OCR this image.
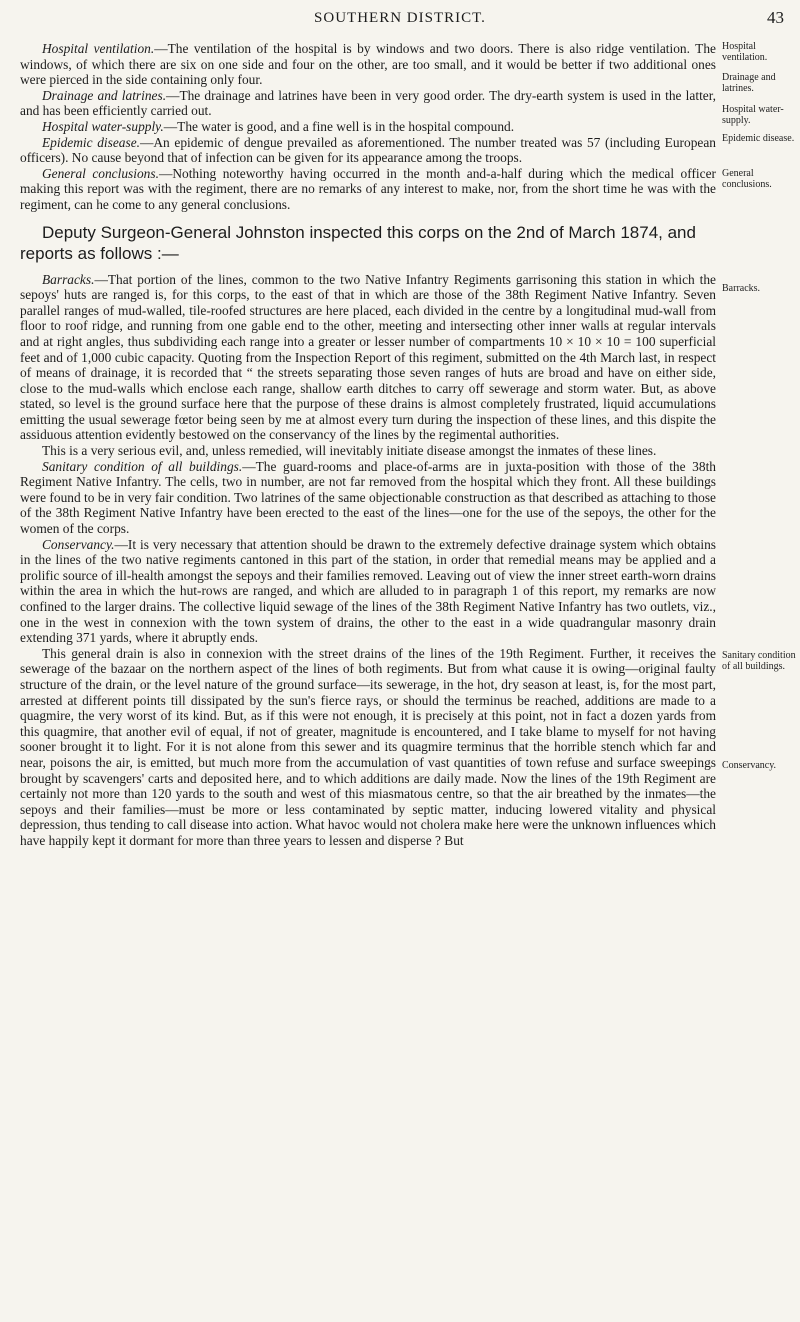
SOUTHERN DISTRICT.	43
Hospital ventilation.
Drainage and latrines.
Hospital water-supply.
Epidemic disease.
General conclusions.
Barracks.
Sanitary condition of all buildings.
Conservancy.

Hospital ventilation.—The ventilation of the hospital is by windows and two doors. There is also ridge ventilation. The windows, of which there are six on one side and four on the other, are too small, and it would be better if two additional ones were pierced in the side containing only four.

Drainage and latrines.—The drainage and latrines have been in very good order. The dry-earth system is used in the latter, and has been efficiently carried out.

Hospital water-supply.—The water is good, and a fine well is in the hospital compound.

Epidemic disease.—An epidemic of dengue prevailed as aforementioned. The number treated was 57 (including European officers). No cause beyond that of infection can be given for its appearance among the troops.

General conclusions.—Nothing noteworthy having occurred in the month and-a-half during which the medical officer making this report was with the regiment, there are no remarks of any interest to make, nor, from the short time he was with the regiment, can he come to any general conclusions.

Deputy Surgeon-General Johnston inspected this corps on the 2nd of March 1874, and reports as follows :—

Barracks.—That portion of the lines, common to the two Native Infantry Regiments garrisoning this station in which the sepoys' huts are ranged is, for this corps, to the east of that in which are those of the 38th Regiment Native Infantry. Seven parallel ranges of mud-walled, tile-roofed structures are here placed, each divided in the centre by a longitudinal mud-wall from floor to roof ridge, and running from one gable end to the other, meeting and intersecting other inner walls at regular intervals and at right angles, thus subdividing each range into a greater or lesser number of compartments 10 × 10 × 10 = 100 superficial feet and of 1,000 cubic capacity. Quoting from the Inspection Report of this regiment, submitted on the 4th March last, in respect of means of drainage, it is recorded that “ the streets separating those seven ranges of huts are broad and have on either side, close to the mud-walls which enclose each range, shallow earth ditches to carry off sewerage and storm water. But, as above stated, so level is the ground surface here that the purpose of these drains is almost completely frustrated, liquid accumulations emitting the usual sewerage fœtor being seen by me at almost every turn during the inspection of these lines, and this dispite the assiduous attention evidently bestowed on the conservancy of the lines by the regimental authorities.

This is a very serious evil, and, unless remedied, will inevitably initiate disease amongst the inmates of these lines.

Sanitary condition of all buildings.—The guard-rooms and place-of-arms are in juxta-position with those of the 38th Regiment Native Infantry. The cells, two in number, are not far removed from the hospital which they front. All these buildings were found to be in very fair condition. Two latrines of the same objectionable construction as that described as attaching to those of the 38th Regiment Native Infantry have been erected to the east of the lines—one for the use of the sepoys, the other for the women of the corps.

Conservancy.—It is very necessary that attention should be drawn to the extremely defective drainage system which obtains in the lines of the two native regiments cantoned in this part of the station, in order that remedial means may be applied and a prolific source of ill-health amongst the sepoys and their families removed. Leaving out of view the inner street earth-worn drains within the area in which the hut-rows are ranged, and which are alluded to in paragraph 1 of this report, my remarks are now confined to the larger drains. The collective liquid sewage of the lines of the 38th Regiment Native Infantry has two outlets, viz., one in the west in connexion with the town system of drains, the other to the east in a wide quadrangular masonry drain extending 371 yards, where it abruptly ends.

This general drain is also in connexion with the street drains of the lines of the 19th Regiment. Further, it receives the sewerage of the bazaar on the northern aspect of the lines of both regiments. But from what cause it is owing—original faulty structure of the drain, or the level nature of the ground surface—its sewerage, in the hot, dry season at least, is, for the most part, arrested at different points till dissipated by the sun's fierce rays, or should the terminus be reached, additions are made to a quagmire, the very worst of its kind. But, as if this were not enough, it is precisely at this point, not in fact a dozen yards from this quagmire, that another evil of equal, if not of greater, magnitude is encountered, and I take blame to myself for not having sooner brought it to light. For it is not alone from this sewer and its quagmire terminus that the horrible stench which far and near, poisons the air, is emitted, but much more from the accumulation of vast quantities of town refuse and surface sweepings brought by scavengers' carts and deposited here, and to which additions are daily made. Now the lines of the 19th Regiment are certainly not more than 120 yards to the south and west of this miasmatous centre, so that the air breathed by the inmates—the sepoys and their families—must be more or less contaminated by septic matter, inducing lowered vitality and physical depression, thus tending to call disease into action. What havoc would not cholera make here were the unknown influences which have happily kept it dormant for more than three years to lessen and disperse ? But
